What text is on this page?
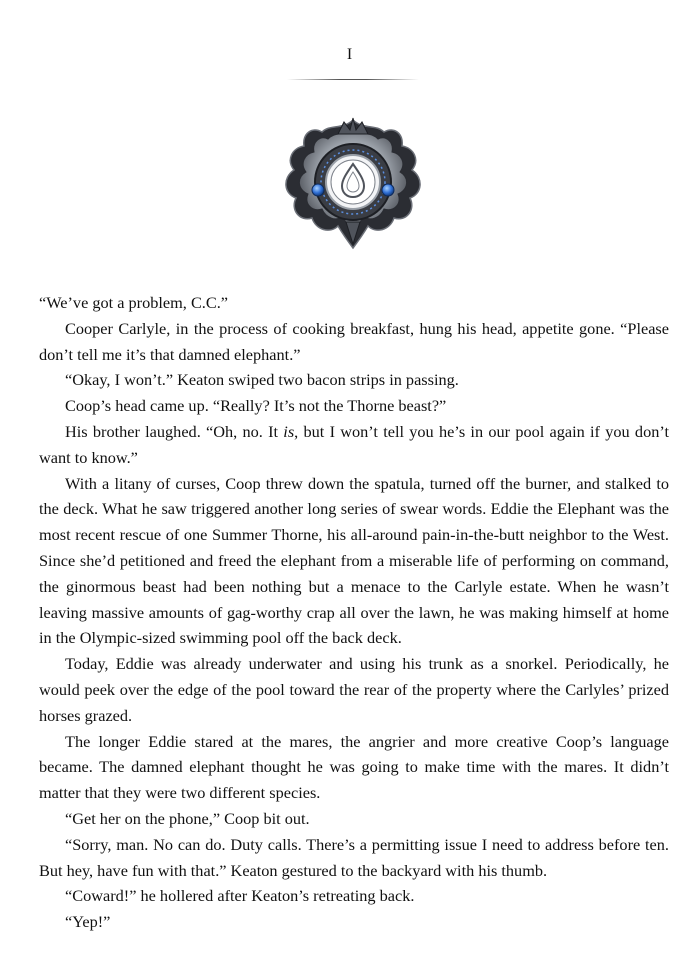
I

“We’ve got a problem, C.C.”

Cooper Carlyle, in the process of cooking breakfast, hung his head, appetite gone. “Please don’t tell me it’s that damned elephant.”

“Okay, I won’t.” Keaton swiped two bacon strips in passing.

Coop’s head came up. “Really? It’s not the Thorne beast?”

His brother laughed. “Oh, no. It is, but I won’t tell you he’s in our pool again if you don’t want to know.”

With a litany of curses, Coop threw down the spatula, turned off the burner, and stalked to the deck. What he saw triggered another long series of swear words. Eddie the Elephant was the most recent rescue of one Summer Thorne, his all-around pain-in-the-butt neighbor to the West. Since she’d petitioned and freed the elephant from a miserable life of performing on command, the ginormous beast had been nothing but a menace to the Carlyle estate. When he wasn’t leaving massive amounts of gag-worthy crap all over the lawn, he was making himself at home in the Olympic-sized swimming pool off the back deck.

Today, Eddie was already underwater and using his trunk as a snorkel. Periodically, he would peek over the edge of the pool toward the rear of the property where the Carlyles’ prized horses grazed.

The longer Eddie stared at the mares, the angrier and more creative Coop’s language became. The damned elephant thought he was going to make time with the mares. It didn’t matter that they were two different species.

“Get her on the phone,” Coop bit out.

“Sorry, man. No can do. Duty calls. There’s a permitting issue I need to address before ten. But hey, have fun with that.” Keaton gestured to the backyard with his thumb.

“Coward!” he hollered after Keaton’s retreating back.

“Yep!”
